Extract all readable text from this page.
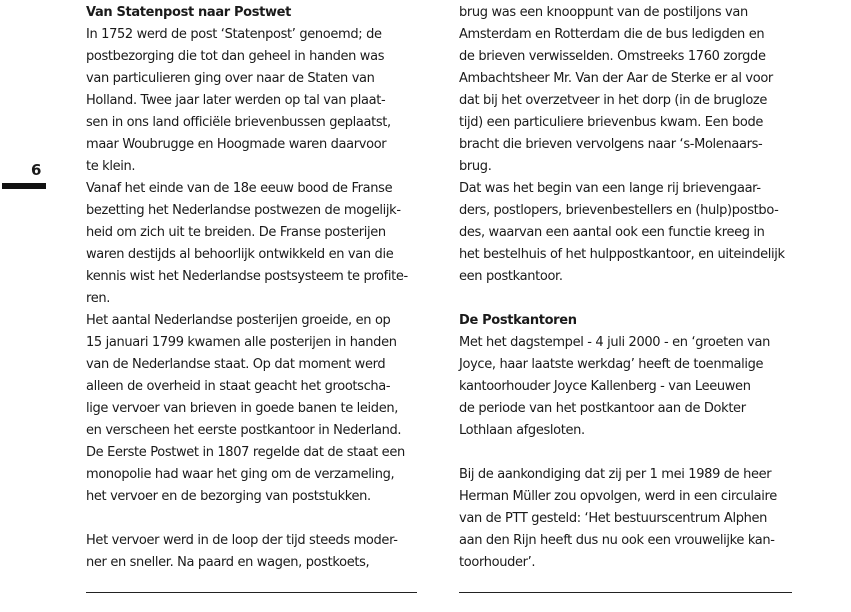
6
Van Statenpost naar Postwet
In 1752 werd de post ‘Statenpost’ genoemd; de
postbezorging die tot dan geheel in handen was
van particulieren ging over naar de Staten van
Holland. Twee jaar later werden op tal van plaat-
sen in ons land officiële brievenbussen geplaatst,
maar Woubrugge en Hoogmade waren daarvoor
te klein.
Vanaf het einde van de 18e eeuw bood de Franse
bezetting het Nederlandse postwezen de mogelijk-
heid om zich uit te breiden. De Franse posterijen
waren destijds al behoorlijk ontwikkeld en van die
kennis wist het Nederlandse postsysteem te profite-
ren.
Het aantal Nederlandse posterijen groeide, en op
15 januari 1799 kwamen alle posterijen in handen
van de Nederlandse staat. Op dat moment werd
alleen de overheid in staat geacht het grootscha-
lige vervoer van brieven in goede banen te leiden,
en verscheen het eerste postkantoor in Nederland.
De Eerste Postwet in 1807 regelde dat de staat een
monopolie had waar het ging om de verzameling,
het vervoer en de bezorging van poststukken.
Het vervoer werd in de loop der tijd steeds moder-
ner en sneller. Na paard en wagen, postkoets,
brug was een knooppunt van de postiljons van
Amsterdam en Rotterdam die de bus ledigden en
de brieven verwisselden. Omstreeks 1760 zorgde
Ambachtsheer Mr. Van der Aar de Sterke er al voor
dat bij het overzetveer in het dorp (in de brugloze
tijd) een particuliere brievenbus kwam. Een bode
bracht die brieven vervolgens naar ‘s-Molenaars-
brug.
Dat was het begin van een lange rij brievengaar-
ders, postlopers, brievenbestellers en (hulp)postbo-
des, waarvan een aantal ook een functie kreeg in
het bestelhuis of het hulppostkantoor, en uiteindelijk
een postkantoor.
De Postkantoren
Met het dagstempel - 4 juli 2000 - en ‘groeten van
Joyce, haar laatste werkdag’ heeft de toenmalige
kantoorhouder Joyce Kallenberg - van Leeuwen
de periode van het postkantoor aan de Dokter
Lothlaan afgesloten.
Bij de aankondiging dat zij per 1 mei 1989 de heer
Herman Müller zou opvolgen, werd in een circulaire
van de PTT gesteld: ‘Het bestuurscentrum Alphen
aan den Rijn heeft dus nu ook een vrouwelijke kan-
toorhouder’.
